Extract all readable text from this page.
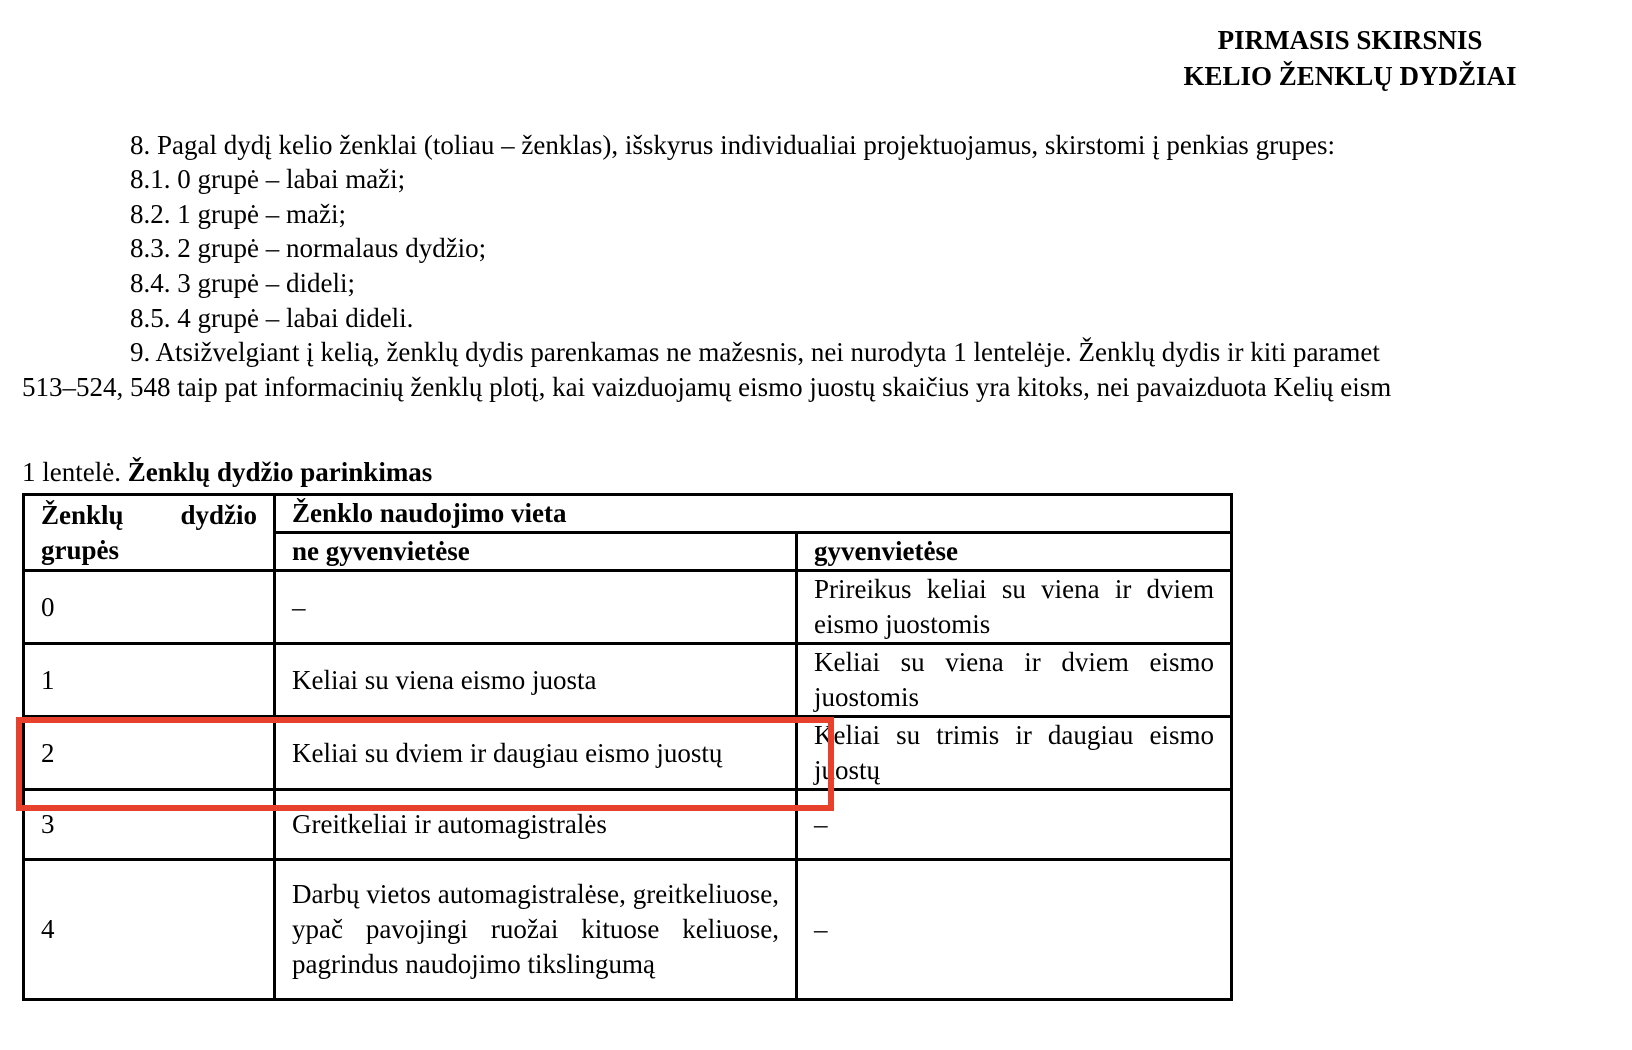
PIRMASIS SKIRSNIS
KELIO ŽENKLŲ DYDŽIAI
8. Pagal dydį kelio ženklai (toliau – ženklas), išskyrus individualiai projektuojamus, skirstomi į penkias grupes:
8.1. 0 grupė – labai maži;
8.2. 1 grupė – maži;
8.3. 2 grupė – normalaus dydžio;
8.4. 3 grupė – dideli;
8.5. 4 grupė – labai dideli.
9. Atsižvelgiant į kelią, ženklų dydis parenkamas ne mažesnis, nei nurodyta 1 lentelėje. Ženklų dydis ir kiti paramet
513–524, 548 taip pat informacinių ženklų plotį, kai vaizduojamų eismo juostų skaičius yra kitoks, nei pavaizduota Kelių eism
1 lentelė. Ženklų dydžio parinkimas
Ženklų dydžio grupės	Ženklo naudojimo vieta	
	ne gyvenvietėse	gyvenvietėse
0	–	Prireikus keliai su viena ir dviem eismo juostomis
1	Keliai su viena eismo juosta	Keliai su viena ir dviem eismo juostomis
2	Keliai su dviem ir daugiau eismo juostų	Keliai su trimis ir daugiau eismo juostų
3	Greitkeliai ir automagistralės	–
4	Darbų vietos automagistralėse, greitkeliuose, ypač pavojingi ruožai kituose keliuose, pagrindus naudojimo tikslingumą	–
